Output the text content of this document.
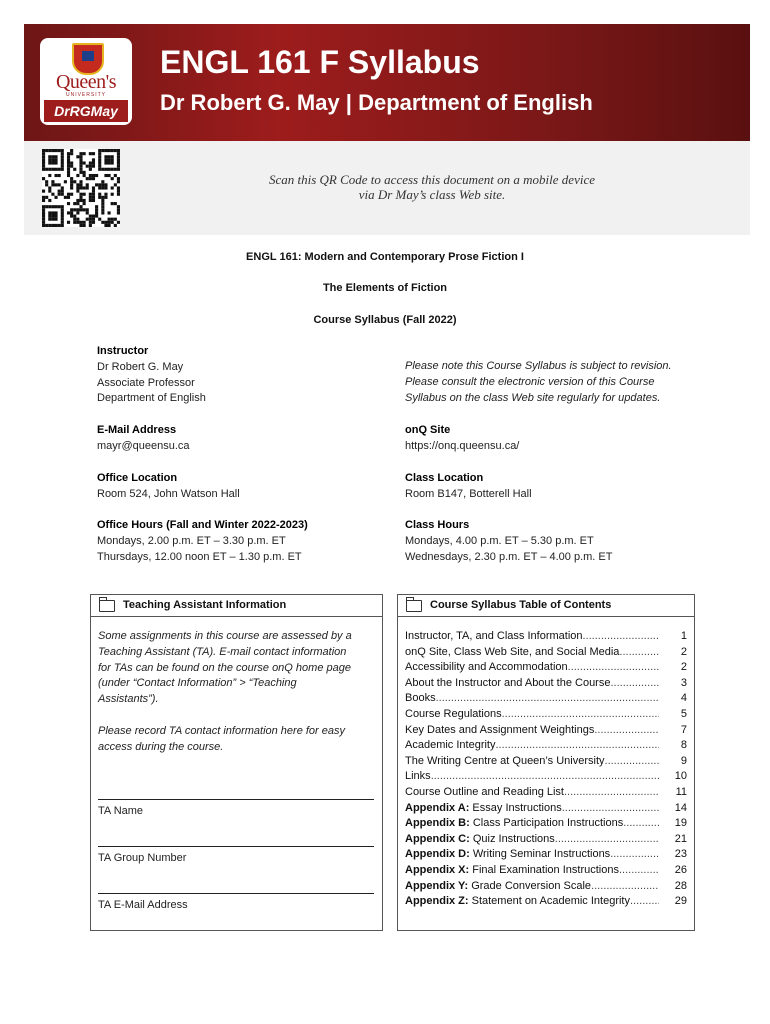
Queen's
UNIVERSITY
DrRGMay
ENGL 161 F Syllabus
Dr Robert G. May | Department of English
Scan this QR Code to access this document on a mobile device
via Dr May’s class Web site.
ENGL 161: Modern and Contemporary Prose Fiction I
The Elements of Fiction
Course Syllabus (Fall 2022)
Instructor
Dr Robert G. May
Associate Professor
Department of English
Please note this Course Syllabus is subject to revision.
Please consult the electronic version of this Course
Syllabus on the class Web site regularly for updates.
E-Mail Address
mayr@queensu.ca
onQ Site
https://onq.queensu.ca/
Office Location
Room 524, John Watson Hall
Class Location
Room B147, Botterell Hall
Office Hours (Fall and Winter 2022-2023)
Mondays, 2.00 p.m. ET – 3.30 p.m. ET
Thursdays, 12.00 noon ET – 1.30 p.m. ET
Class Hours
Mondays, 4.00 p.m. ET – 5.30 p.m. ET
Wednesdays, 2.30 p.m. ET – 4.00 p.m. ET
Teaching Assistant Information
Some assignments in this course are assessed by a
Teaching Assistant (TA). E-mail contact information
for TAs can be found on the course onQ home page
(under “Contact Information” > “Teaching
Assistants”).
Please record TA contact information here for easy
access during the course.
TA Name
TA Group Number
TA E-Mail Address
Course Syllabus Table of Contents
Instructor, TA, and Class Information .....	1
onQ Site, Class Web Site, and Social Media .....	2
Accessibility and Accommodation .....	2
About the Instructor and About the Course .....	3
Books .....	4
Course Regulations .....	5
Key Dates and Assignment Weightings .....	7
Academic Integrity .....	8
The Writing Centre at Queen’s University .....	9
Links .....	10
Course Outline and Reading List .....	11
Appendix A: Essay Instructions .....	14
Appendix B: Class Participation Instructions .....	19
Appendix C: Quiz Instructions .....	21
Appendix D: Writing Seminar Instructions .....	23
Appendix X: Final Examination Instructions .....	26
Appendix Y: Grade Conversion Scale .....	28
Appendix Z: Statement on Academic Integrity .....	29
